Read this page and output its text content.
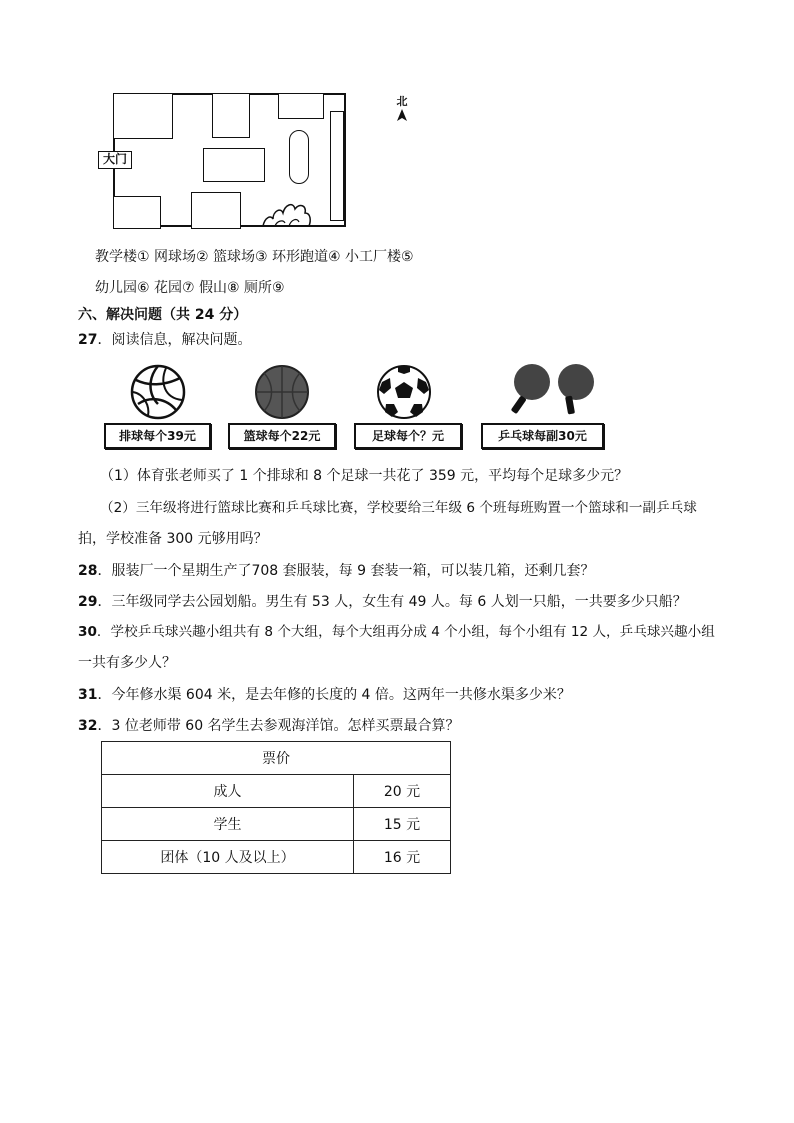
大门
北
教学楼① 网球场② 篮球场③ 环形跑道④ 小工厂楼⑤
幼儿园⑥ 花园⑦ 假山⑧ 厕所⑨
六、解决问题（共 24 分）
27．阅读信息，解决问题。
排球每个39元	篮球每个22元	足球每个？元	乒乓球每副30元
（1）体育张老师买了 1 个排球和 8 个足球一共花了 359 元，平均每个足球多少元？
（2）三年级将进行篮球比赛和乒乓球比赛，学校要给三年级 6 个班每班购置一个篮球和一副乒乓球
拍，学校准备 300 元够用吗？
28．服装厂一个星期生产了708 套服装，每 9 套装一箱，可以装几箱，还剩几套？
29．三年级同学去公园划船。男生有 53 人，女生有 49 人。每 6 人划一只船，一共要多少只船？
30．学校乒乓球兴趣小组共有 8 个大组，每个大组再分成 4 个小组，每个小组有 12 人，乒乓球兴趣小组
一共有多少人？
31．今年修水渠 604 米，是去年修的长度的 4 倍。这两年一共修水渠多少米？
32．3 位老师带 60 名学生去参观海洋馆。怎样买票最合算？
票价	
成人	20 元
学生	15 元
团体（10 人及以上）	16 元
